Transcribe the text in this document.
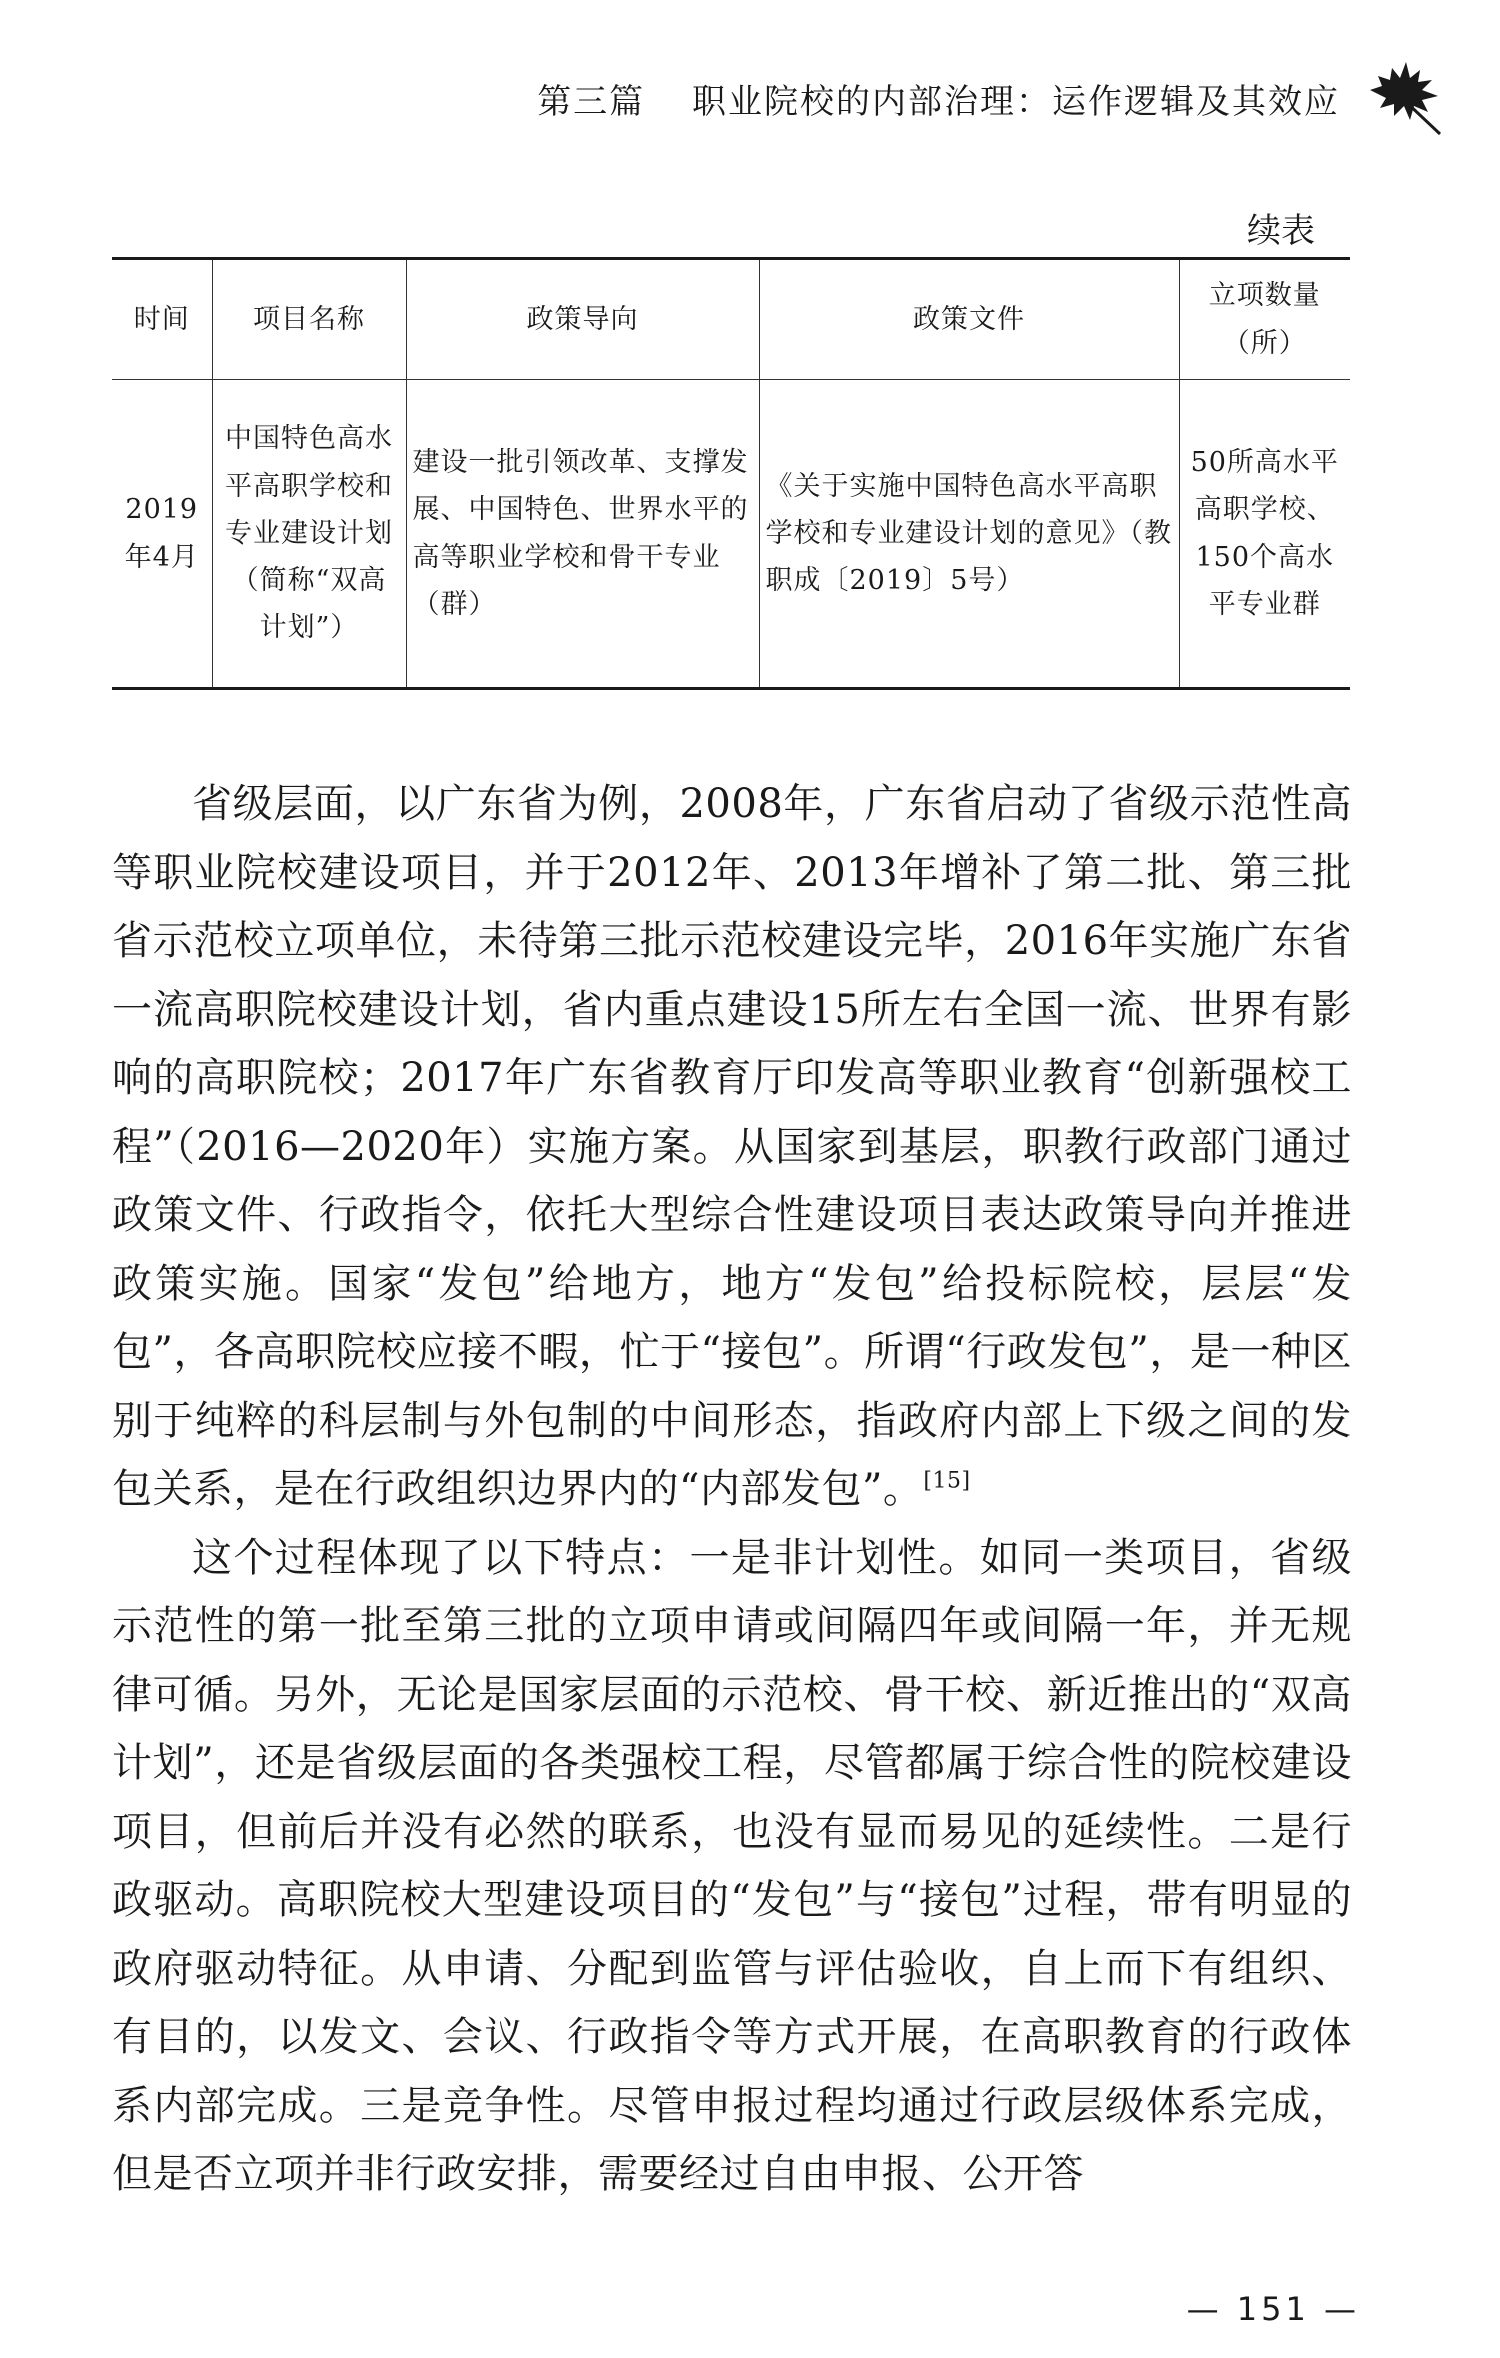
第三篇 职业院校的内部治理：运作逻辑及其效应
续表
时间	项目名称	政策导向	政策文件	立项数量（所）
2019年4月	中国特色高水平高职学校和专业建设计划（简称“双高计划”）	建设一批引领改革、支撑发展、中国特色、世界水平的高等职业学校和骨干专业（群）	《关于实施中国特色高水平高职学校和专业建设计划的意见》（教职成〔2019〕5号）	50所高水平高职学校、150个高水平专业群

省级层面，以广东省为例，2008年，广东省启动了省级示范性高等职业院校建设项目，并于2012年、2013年增补了第二批、第三批省示范校立项单位，未待第三批示范校建设完毕，2016年实施广东省一流高职院校建设计划，省内重点建设15所左右全国一流、世界有影响的高职院校；2017年广东省教育厅印发高等职业教育“创新强校工程”（2016—2020年）实施方案。从国家到基层，职教行政部门通过政策文件、行政指令，依托大型综合性建设项目表达政策导向并推进政策实施。国家“发包”给地方，地方“发包”给投标院校，层层“发包”，各高职院校应接不暇，忙于“接包”。所谓“行政发包”，是一种区别于纯粹的科层制与外包制的中间形态，指政府内部上下级之间的发包关系，是在行政组织边界内的“内部发包”。[15]

这个过程体现了以下特点：一是非计划性。如同一类项目，省级示范性的第一批至第三批的立项申请或间隔四年或间隔一年，并无规律可循。另外，无论是国家层面的示范校、骨干校、新近推出的“双高计划”，还是省级层面的各类强校工程，尽管都属于综合性的院校建设项目，但前后并没有必然的联系，也没有显而易见的延续性。二是行政驱动。高职院校大型建设项目的“发包”与“接包”过程，带有明显的政府驱动特征。从申请、分配到监管与评估验收，自上而下有组织、有目的，以发文、会议、行政指令等方式开展，在高职教育的行政体系内部完成。三是竞争性。尽管申报过程均通过行政层级体系完成，但是否立项并非行政安排，需要经过自由申报、公开答

— 151 —
